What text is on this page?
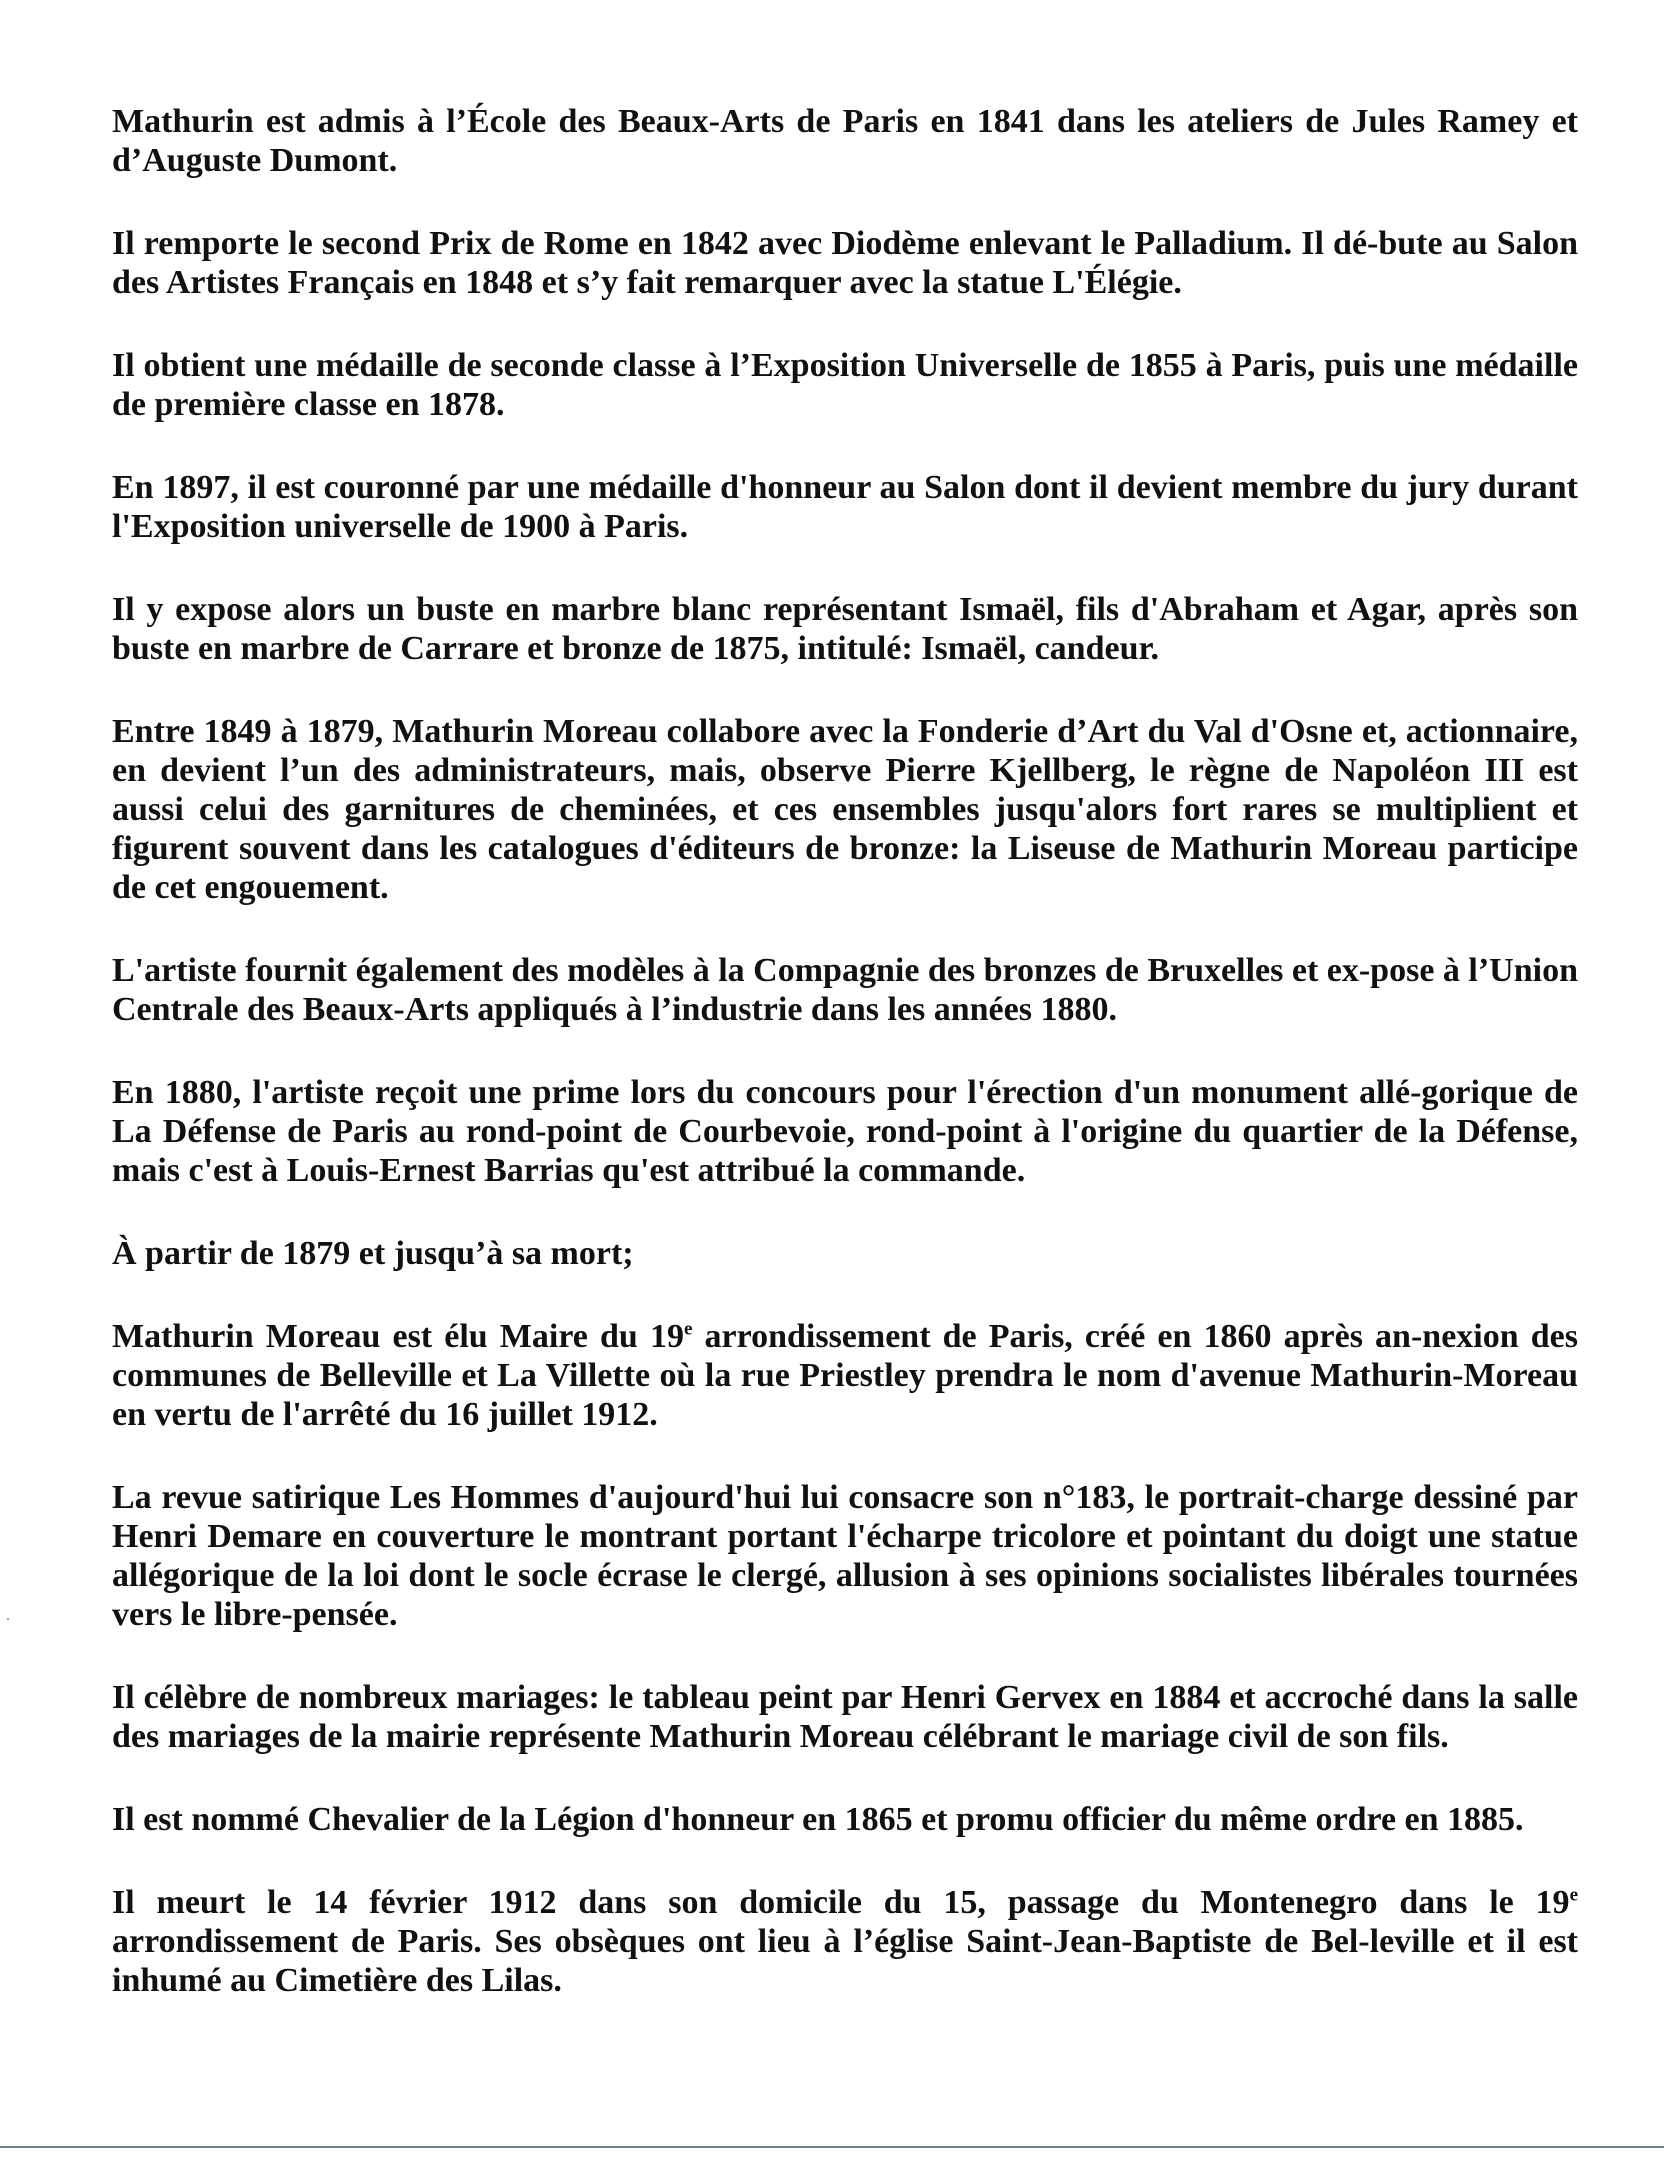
Mathurin est admis à l’École des Beaux-Arts de Paris en 1841 dans les ateliers de Jules Ramey et d’Auguste Dumont.

Il remporte le second Prix de Rome en 1842 avec Diodème enlevant le Palladium. Il dé-bute au Salon des Artistes Français en 1848 et s’y fait remarquer avec la statue L'Élégie.

Il obtient une médaille de seconde classe à l’Exposition Universelle de 1855 à Paris, puis une médaille de première classe en 1878.

En 1897, il est couronné par une médaille d'honneur au Salon dont il devient membre du jury durant l'Exposition universelle de 1900 à Paris.

Il y expose alors un buste en marbre blanc représentant Ismaël, fils d'Abraham et Agar, après son buste en marbre de Carrare et bronze de 1875, intitulé: Ismaël, candeur.

Entre 1849 à 1879, Mathurin Moreau collabore avec la Fonderie d’Art du Val d'Osne et, actionnaire, en devient l’un des administrateurs, mais, observe Pierre Kjellberg, le règne de Napoléon III est aussi celui des garnitures de cheminées, et ces ensembles jusqu'alors fort rares se multiplient et figurent souvent dans les catalogues d'éditeurs de bronze: la Liseuse de Mathurin Moreau participe de cet engouement.

L'artiste fournit également des modèles à la Compagnie des bronzes de Bruxelles et ex-pose à l’Union Centrale des Beaux-Arts appliqués à l’industrie dans les années 1880.

En 1880, l'artiste reçoit une prime lors du concours pour l'érection d'un monument allé-gorique de La Défense de Paris au rond-point de Courbevoie, rond-point à l'origine du quartier de la Défense, mais c'est à Louis-Ernest Barrias qu'est attribué la commande.

À partir de 1879 et jusqu’à sa mort;

Mathurin Moreau est élu Maire du 19e arrondissement de Paris, créé en 1860 après an-nexion des communes de Belleville et La Villette où la rue Priestley prendra le nom d'avenue Mathurin-Moreau en vertu de l'arrêté du 16 juillet 1912.

La revue satirique Les Hommes d'aujourd'hui lui consacre son n°183, le portrait-charge dessiné par Henri Demare en couverture le montrant portant l'écharpe tricolore et pointant du doigt une statue allégorique de la loi dont le socle écrase le clergé, allusion à ses opinions socialistes libérales tournées vers le libre-pensée.

Il célèbre de nombreux mariages: le tableau peint par Henri Gervex en 1884 et accroché dans la salle des mariages de la mairie représente Mathurin Moreau célébrant le mariage civil de son fils.

Il est nommé Chevalier de la Légion d'honneur en 1865 et promu officier du même ordre en 1885.

Il meurt le 14 février 1912 dans son domicile du 15, passage du Montenegro dans le 19e arrondissement de Paris. Ses obsèques ont lieu à l’église Saint-Jean-Baptiste de Bel-leville et il est inhumé au Cimetière des Lilas.
